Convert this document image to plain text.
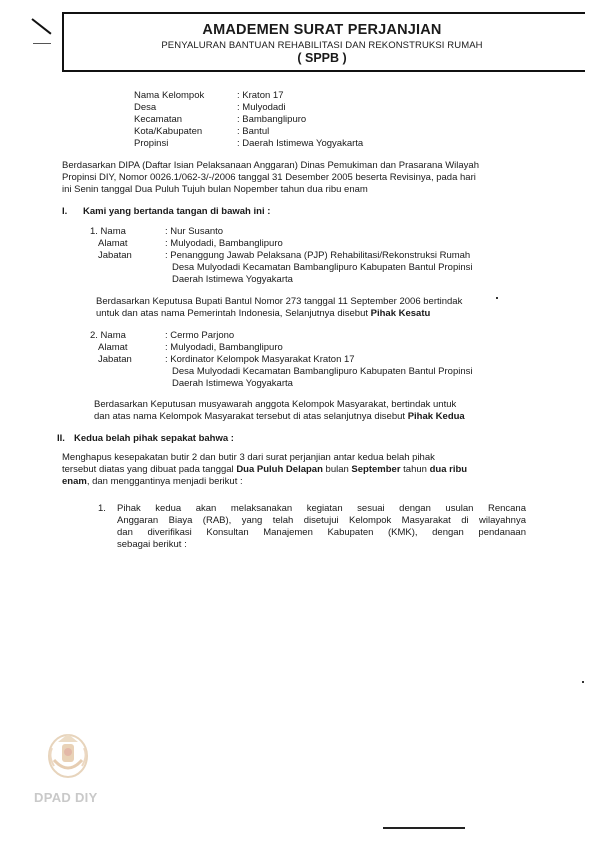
AMADEMEN SURAT PERJANJIAN
PENYALURAN BANTUAN REHABILITASI DAN REKONSTRUKSI RUMAH
( SPPB )
Nama Kelompok	: Kraton 17
Desa	: Mulyodadi
Kecamatan	: Bambanglipuro
Kota/Kabupaten	: Bantul
Propinsi	: Daerah Istimewa Yogyakarta
Berdasarkan DIPA (Daftar Isian Pelaksanaan Anggaran) Dinas Pemukiman dan Prasarana Wilayah
Propinsi DIY, Nomor 0026.1/062-3/-/2006 tanggal 31 Desember 2005 beserta Revisinya, pada hari
ini Senin tanggal Dua Puluh Tujuh bulan Nopember tahun dua ribu enam
I. Kami yang bertanda tangan di bawah ini :
1. Nama	: Nur Susanto
Alamat	: Mulyodadi, Bambanglipuro
Jabatan	: Penanggung Jawab Pelaksana (PJP) Rehabilitasi/Rekonstruksi Rumah
Desa Mulyodadi Kecamatan Bambanglipuro Kabupaten Bantul Propinsi
Daerah Istimewa Yogyakarta
Berdasarkan Keputusa Bupati Bantul Nomor 273 tanggal 11 September 2006 bertindak
untuk dan atas nama Pemerintah Indonesia, Selanjutnya disebut Pihak Kesatu
2. Nama	: Cermo Parjono
Alamat	: Mulyodadi, Bambanglipuro
Jabatan	: Kordinator Kelompok Masyarakat Kraton 17
Desa Mulyodadi Kecamatan Bambanglipuro Kabupaten Bantul Propinsi
Daerah Istimewa Yogyakarta
Berdasarkan Keputusan musyawarah anggota Kelompok Masyarakat, bertindak untuk
dan atas nama Kelompok Masyarakat tersebut di atas selanjutnya disebut Pihak Kedua
II. Kedua belah pihak sepakat bahwa :
Menghapus kesepakatan butir 2 dan butir 3 dari surat perjanjian antar kedua belah pihak
tersebut diatas yang dibuat pada tanggal Dua Puluh Delapan bulan September tahun dua ribu
enam, dan menggantinya menjadi berikut :
1. Pihak kedua akan melaksanakan kegiatan sesuai dengan usulan Rencana
Anggaran Biaya (RAB), yang telah disetujui Kelompok Masyarakat di wilayahnya
dan diverifikasi Konsultan Manajemen Kabupaten (KMK), dengan pendanaan
sebagai berikut :
DPAD DIY
